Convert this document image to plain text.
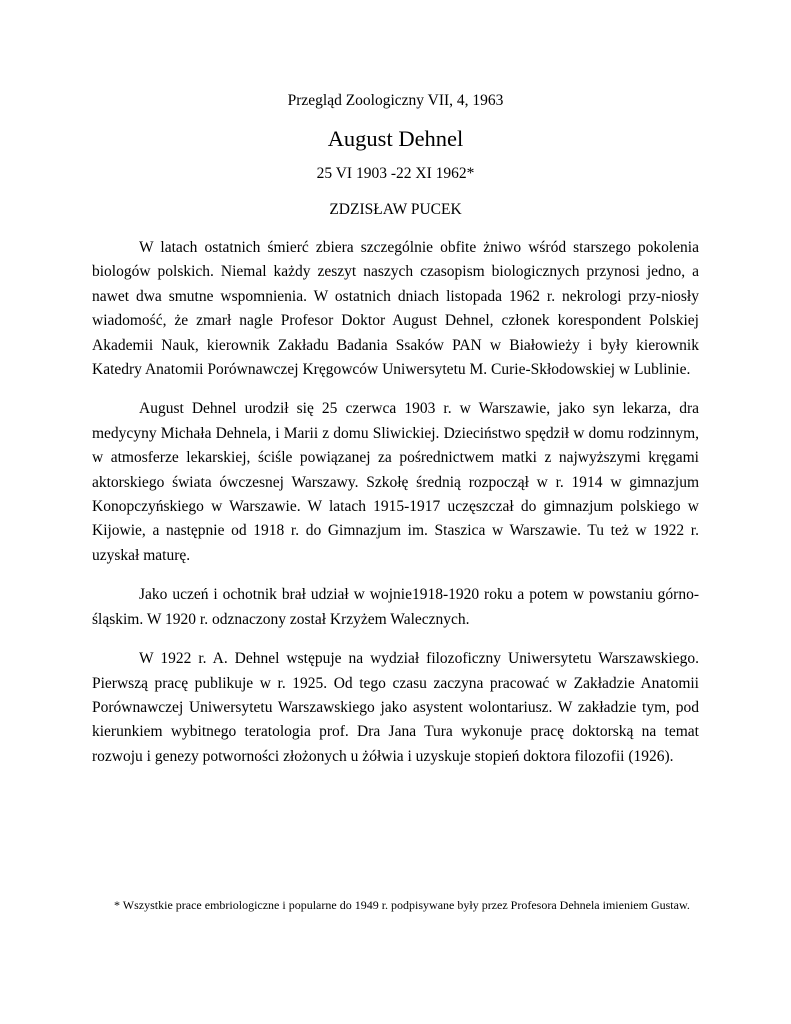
Przegląd Zoologiczny VII, 4, 1963
August Dehnel
25 VI 1903 -22 XI 1962*
ZDZISŁAW PUCEK

W latach ostatnich śmierć zbiera szczególnie obfite żniwo wśród starszego pokolenia biologów polskich. Niemal każdy zeszyt naszych czasopism biologicznych przynosi jedno, a nawet dwa smutne wspomnienia. W ostatnich dniach listopada 1962 r. nekrologi przy-niosły wiadomość, że zmarł nagle Profesor Doktor August Dehnel, członek korespondent Polskiej Akademii Nauk, kierownik Zakładu Badania Ssaków PAN w Białowieży i były kierownik Katedry Anatomii Porównawczej Kręgowców Uniwersytetu M. Curie-Skłodowskiej w Lublinie.

August Dehnel urodził się 25 czerwca 1903 r. w Warszawie, jako syn lekarza, dra medycyny Michała Dehnela, i Marii z domu Sliwickiej. Dzieciństwo spędził w domu rodzinnym, w atmosferze lekarskiej, ściśle powiązanej za pośrednictwem matki z najwyższymi kręgami aktorskiego świata ówczesnej Warszawy. Szkołę średnią rozpoczął w r. 1914 w gimnazjum Konopczyńskiego w Warszawie. W latach 1915-1917 uczęszczał do gimnazjum polskiego w Kijowie, a następnie od 1918 r. do Gimnazjum im. Staszica w Warszawie. Tu też w 1922 r. uzyskał maturę.

Jako uczeń i ochotnik brał udział w wojnie1918-1920 roku a potem w powstaniu górno-śląskim. W 1920 r. odznaczony został Krzyżem Walecznych.

W 1922 r. A. Dehnel wstępuje na wydział filozoficzny Uniwersytetu Warszawskiego. Pierwszą pracę publikuje w r. 1925. Od tego czasu zaczyna pracować w Zakładzie Anatomii Porównawczej Uniwersytetu Warszawskiego jako asystent wolontariusz. W zakładzie tym, pod kierunkiem wybitnego teratologia prof. Dra Jana Tura wykonuje pracę doktorską na temat rozwoju i genezy potworności złożonych u żółwia i uzyskuje stopień doktora filozofii (1926).

* Wszystkie prace embriologiczne i popularne do 1949 r. podpisywane były przez Profesora Dehnela imieniem Gustaw.
